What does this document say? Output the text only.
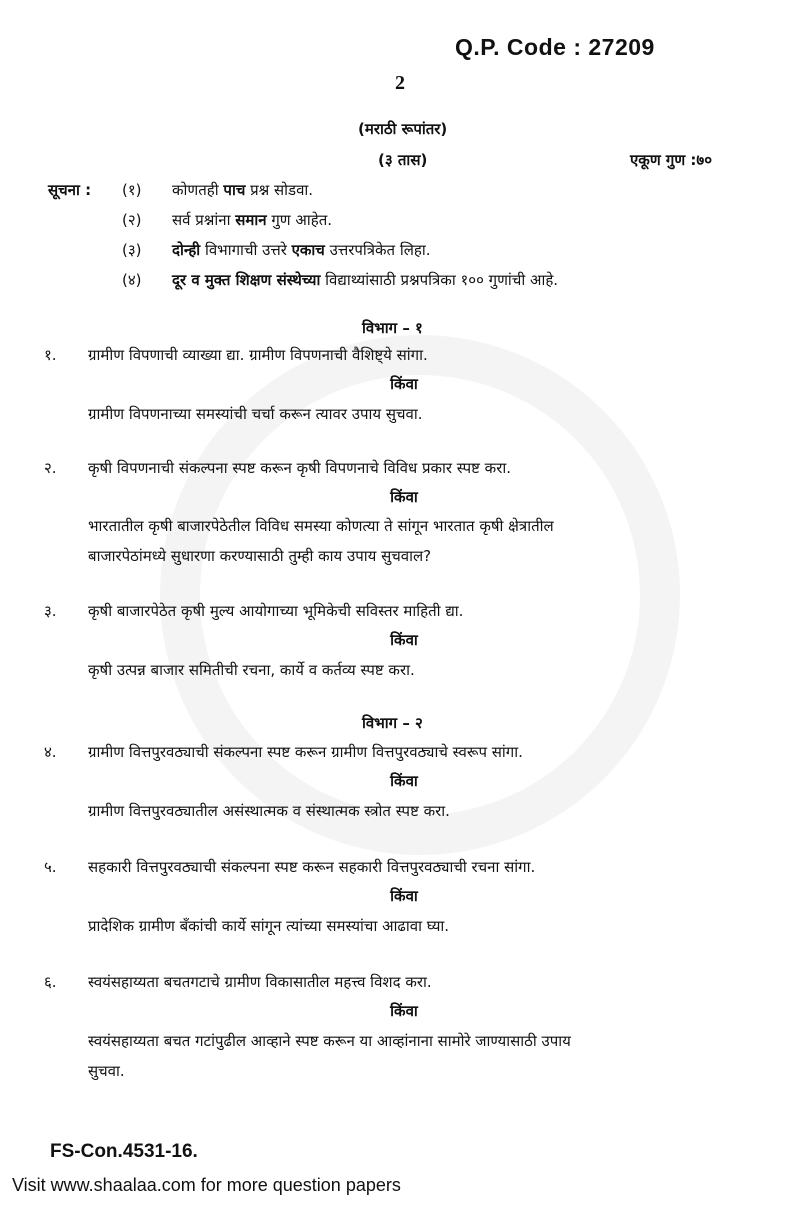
Q.P. Code : 27209
2
(मराठी रूपांतर)
(३ तास)	एकूण गुण :७०
सूचना : (१) कोणतही पाच प्रश्न सोडवा.
(२) सर्व प्रश्नांना समान गुण आहेत.
(३) दोन्ही विभागाची उत्तरे एकाच उत्तरपत्रिकेत लिहा.
(४) दूर व मुक्त शिक्षण संस्थेच्या विद्याथ्यांसाठी प्रश्नपत्रिका १०० गुणांची आहे.
विभाग – १
१. ग्रामीण विपणाची व्याख्या द्या. ग्रामीण विपणनाची वैशिष्ट्ये सांगा.
किंवा
ग्रामीण विपणनाच्या समस्यांची चर्चा करून त्यावर उपाय सुचवा.
२. कृषी विपणनाची संकल्पना स्पष्ट करून कृषी विपणनाचे विविध प्रकार स्पष्ट करा.
किंवा
भारतातील कृषी बाजारपेठेतील विविध समस्या कोणत्या ते सांगून भारतात कृषी क्षेत्रातील
बाजारपेठांमध्ये सुधारणा करण्यासाठी तुम्ही काय उपाय सुचवाल?
३. कृषी बाजारपेठेत कृषी मुल्य आयोगाच्या भूमिकेची सविस्तर माहिती द्या.
किंवा
कृषी उत्पन्न बाजार समितीची रचना, कार्ये व कर्तव्य स्पष्ट करा.
विभाग – २
४. ग्रामीण वित्तपुरवठ्याची संकल्पना स्पष्ट करून ग्रामीण वित्तपुरवठ्याचे स्वरूप सांगा.
किंवा
ग्रामीण वित्तपुरवठ्यातील असंस्थात्मक व संस्थात्मक स्त्रोत स्पष्ट करा.
५. सहकारी वित्तपुरवठ्याची संकल्पना स्पष्ट करून सहकारी वित्तपुरवठ्याची रचना सांगा.
किंवा
प्रादेशिक ग्रामीण बँकांची कार्ये सांगून त्यांच्या समस्यांचा आढावा घ्या.
६. स्वयंसहाय्यता बचतगटाचे ग्रामीण विकासातील महत्त्व विशद करा.
किंवा
स्वयंसहाय्यता बचत गटांपुढील आव्हाने स्पष्ट करून या आव्हांनाना सामोरे जाण्यासाठी उपाय
सुचवा.
FS-Con.4531-16.
Visit www.shaalaa.com for more question papers
